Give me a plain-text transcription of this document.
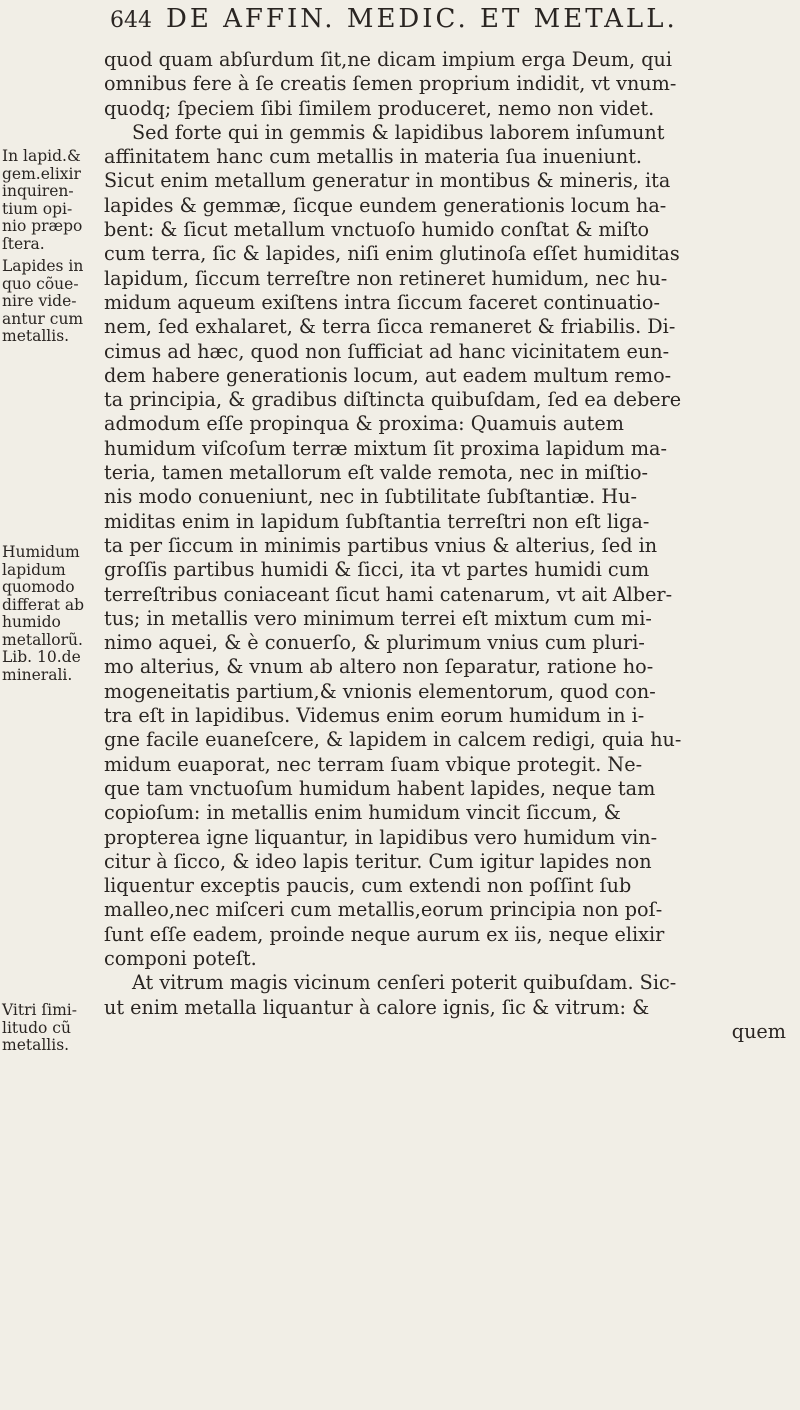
644 DE AFFIN. MEDIC. ET METALL.
quod quam abſurdum ſit,ne dicam impium erga Deum, qui
omnibus fere à ſe creatis ſemen proprium indidit, vt vnum-
quodq; ſpeciem ſibi ſimilem produceret, nemo non videt.
Sed forte qui in gemmis & lapidibus laborem inſumunt
affinitatem hanc cum metallis in materia ſua inueniunt.
Sicut enim metallum generatur in montibus & mineris, ita
lapides & gemmæ, ſicque eundem generationis locum ha-
bent: & ſicut metallum vnctuoſo humido conſtat & miſto
cum terra, ſic & lapides, niſi enim glutinoſa eſſet humiditas
lapidum, ſiccum terreſtre non retineret humidum, nec hu-
midum aqueum exiſtens intra ſiccum faceret continuatio-
nem, ſed exhalaret, & terra ſicca remaneret & friabilis. Di-
cimus ad hæc, quod non ſufficiat ad hanc vicinitatem eun-
dem habere generationis locum, aut eadem multum remo-
ta principia, & gradibus diſtincta quibuſdam, ſed ea debere
admodum eſſe propinqua & proxima: Quamuis autem
humidum viſcoſum terræ mixtum ſit proxima lapidum ma-
teria, tamen metallorum eſt valde remota, nec in miſtio-
nis modo conueniunt, nec in ſubtilitate ſubſtantiæ. Hu-
miditas enim in lapidum ſubſtantia terreſtri non eſt liga-
ta per ſiccum in minimis partibus vnius & alterius, ſed in
groſſis partibus humidi & ſicci, ita vt partes humidi cum
terreſtribus coniaceant ſicut hami catenarum, vt ait Alber-
tus; in metallis vero minimum terrei eſt mixtum cum mi-
nimo aquei, & è conuerſo, & plurimum vnius cum pluri-
mo alterius, & vnum ab altero non ſeparatur, ratione ho-
mogeneitatis partium,& vnionis elementorum, quod con-
tra eſt in lapidibus. Videmus enim eorum humidum in i-
gne facile euaneſcere, & lapidem in calcem redigi, quia hu-
midum euaporat, nec terram ſuam vbique protegit. Ne-
que tam vnctuoſum humidum habent lapides, neque tam
copioſum: in metallis enim humidum vincit ſiccum, &
proptereа igne liquantur, in lapidibus vero humidum vin-
citur à ſicco, & ideo lapis teritur. Cum igitur lapides non
liquentur exceptis paucis, cum extendi non poſſint ſub
malleo,nec miſceri cum metallis,eorum principia non poſ-
ſunt eſſe eadem, proinde neque aurum ex iis, neque elixir
componi poteſt.
At vitrum magis vicinum cenſeri poterit quibuſdam. Sic-
ut enim metalla liquantur à calore ignis, ſic & vitrum: &
quem
In lapid.&
gem.elixir
inquiren-
tium opi-
nio præpo
ſtera.
Lapides in
quo cõue-
nire vide-
antur cum
metallis.
Humidum
lapidum
quomodo
differat ab
humido
metallorũ.
Lib. 10.de
minerali.
Vitri ſimi-
litudo cũ
metallis.
